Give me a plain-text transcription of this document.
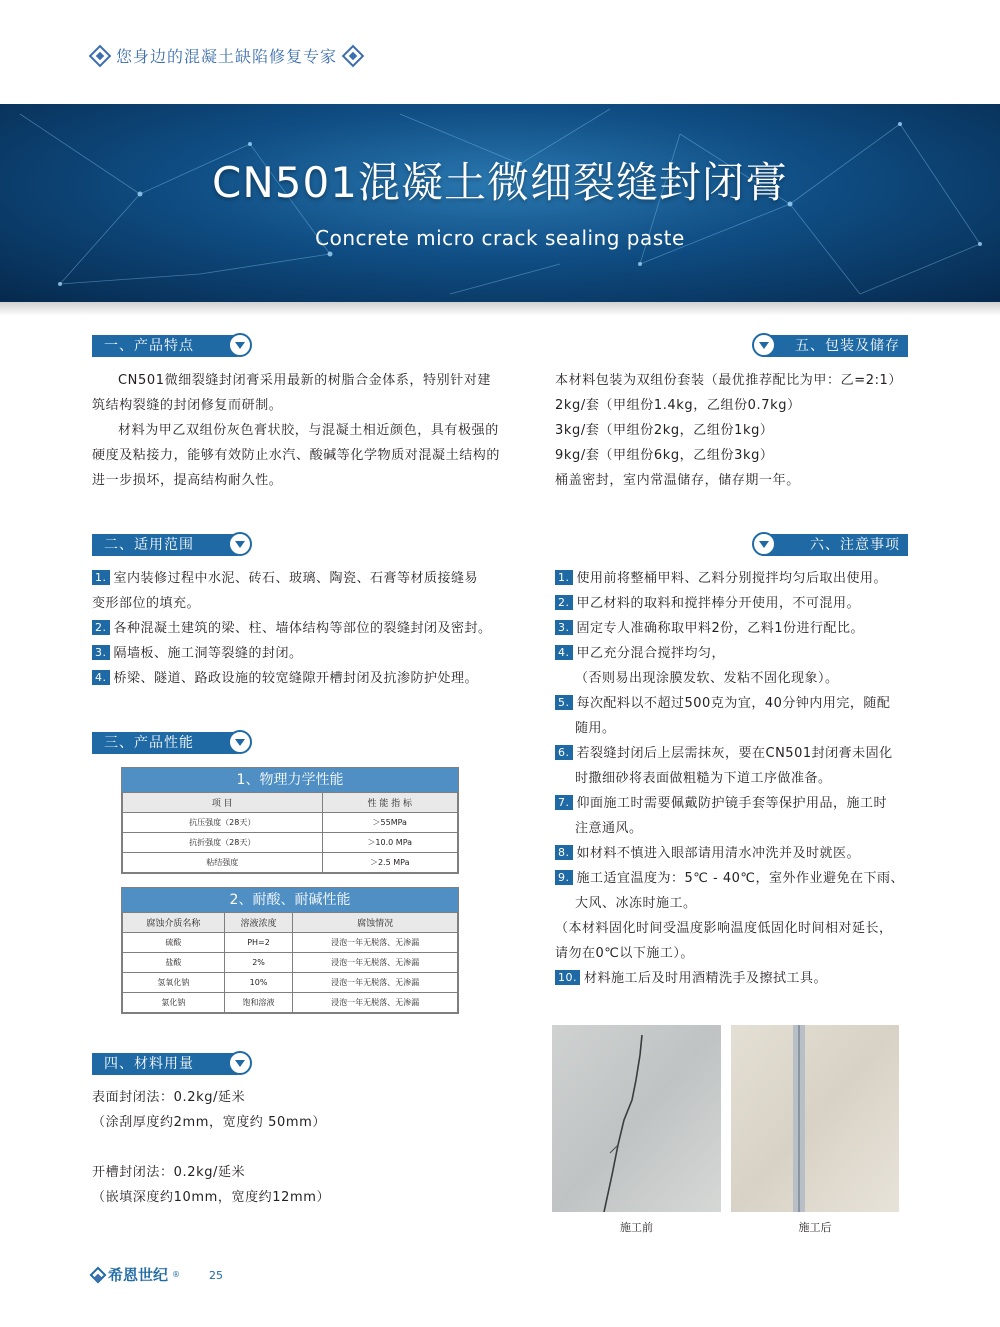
您身边的混凝土缺陷修复专家
CN501混凝土微细裂缝封闭膏
Concrete micro crack sealing paste
一、产品特点

CN501微细裂缝封闭膏采用最新的树脂合金体系，特别针对建筑结构裂缝的封闭修复而研制。

材料为甲乙双组份灰色膏状胶，与混凝土相近颜色，具有极强的硬度及粘接力，能够有效防止水汽、酸碱等化学物质对混凝土结构的进一步损坏，提高结构耐久性。

二、适用范围
1. 室内装修过程中水泥、砖石、玻璃、陶瓷、石膏等材质接缝易
变形部位的填充。
2. 各种混凝土建筑的梁、柱、墙体结构等部位的裂缝封闭及密封。
3. 隔墙板、施工洞等裂缝的封闭。
4. 桥梁、隧道、路政设施的较宽缝隙开槽封闭及抗渗防护处理。
三、产品性能
1、物理力学性能
项 目	性 能 指 标
抗压强度（28天）	＞55MPa
抗折强度（28天）	＞10.0 MPa
粘结强度	＞2.5 MPa
2、耐酸、耐碱性能
腐蚀介质名称	溶液浓度	腐蚀情况
硫酸	PH=2	浸泡一年无脱落、无渗漏
盐酸	2%	浸泡一年无脱落、无渗漏
氢氧化钠	10%	浸泡一年无脱落、无渗漏
氯化钠	饱和溶液	浸泡一年无脱落、无渗漏
四、材料用量

表面封闭法：0.2kg/延米

（涂刮厚度约2mm，宽度约 50mm）

开槽封闭法：0.2kg/延米

（嵌填深度约10mm，宽度约12mm）

五、包装及储存

本材料包装为双组份套装（最优推荐配比为甲：乙=2:1）

2kg/套（甲组份1.4kg，乙组份0.7kg）

3kg/套（甲组份2kg，乙组份1kg）

9kg/套（甲组份6kg，乙组份3kg）

桶盖密封，室内常温储存，储存期一年。

六、注意事项
1. 使用前将整桶甲料、乙料分别搅拌均匀后取出使用。
2. 甲乙材料的取料和搅拌棒分开使用，不可混用。
3. 固定专人准确称取甲料2份，乙料1份进行配比。
4. 甲乙充分混合搅拌均匀，
（否则易出现涂膜发软、发粘不固化现象）。
5. 每次配料以不超过500克为宜，40分钟内用完，随配
随用。
6. 若裂缝封闭后上层需抹灰，要在CN501封闭膏未固化
时撒细砂将表面做粗糙为下道工序做准备。
7. 仰面施工时需要佩戴防护镜手套等保护用品，施工时
注意通风。
8. 如材料不慎进入眼部请用清水冲洗并及时就医。
9. 施工适宜温度为：5℃ - 40℃，室外作业避免在下雨、
大风、冰冻时施工。
（本材料固化时间受温度影响温度低固化时间相对延长，
请勿在0℃以下施工）。
10. 材料施工后及时用酒精洗手及擦拭工具。
施工前	施工后
希恩世纪 ®	25
